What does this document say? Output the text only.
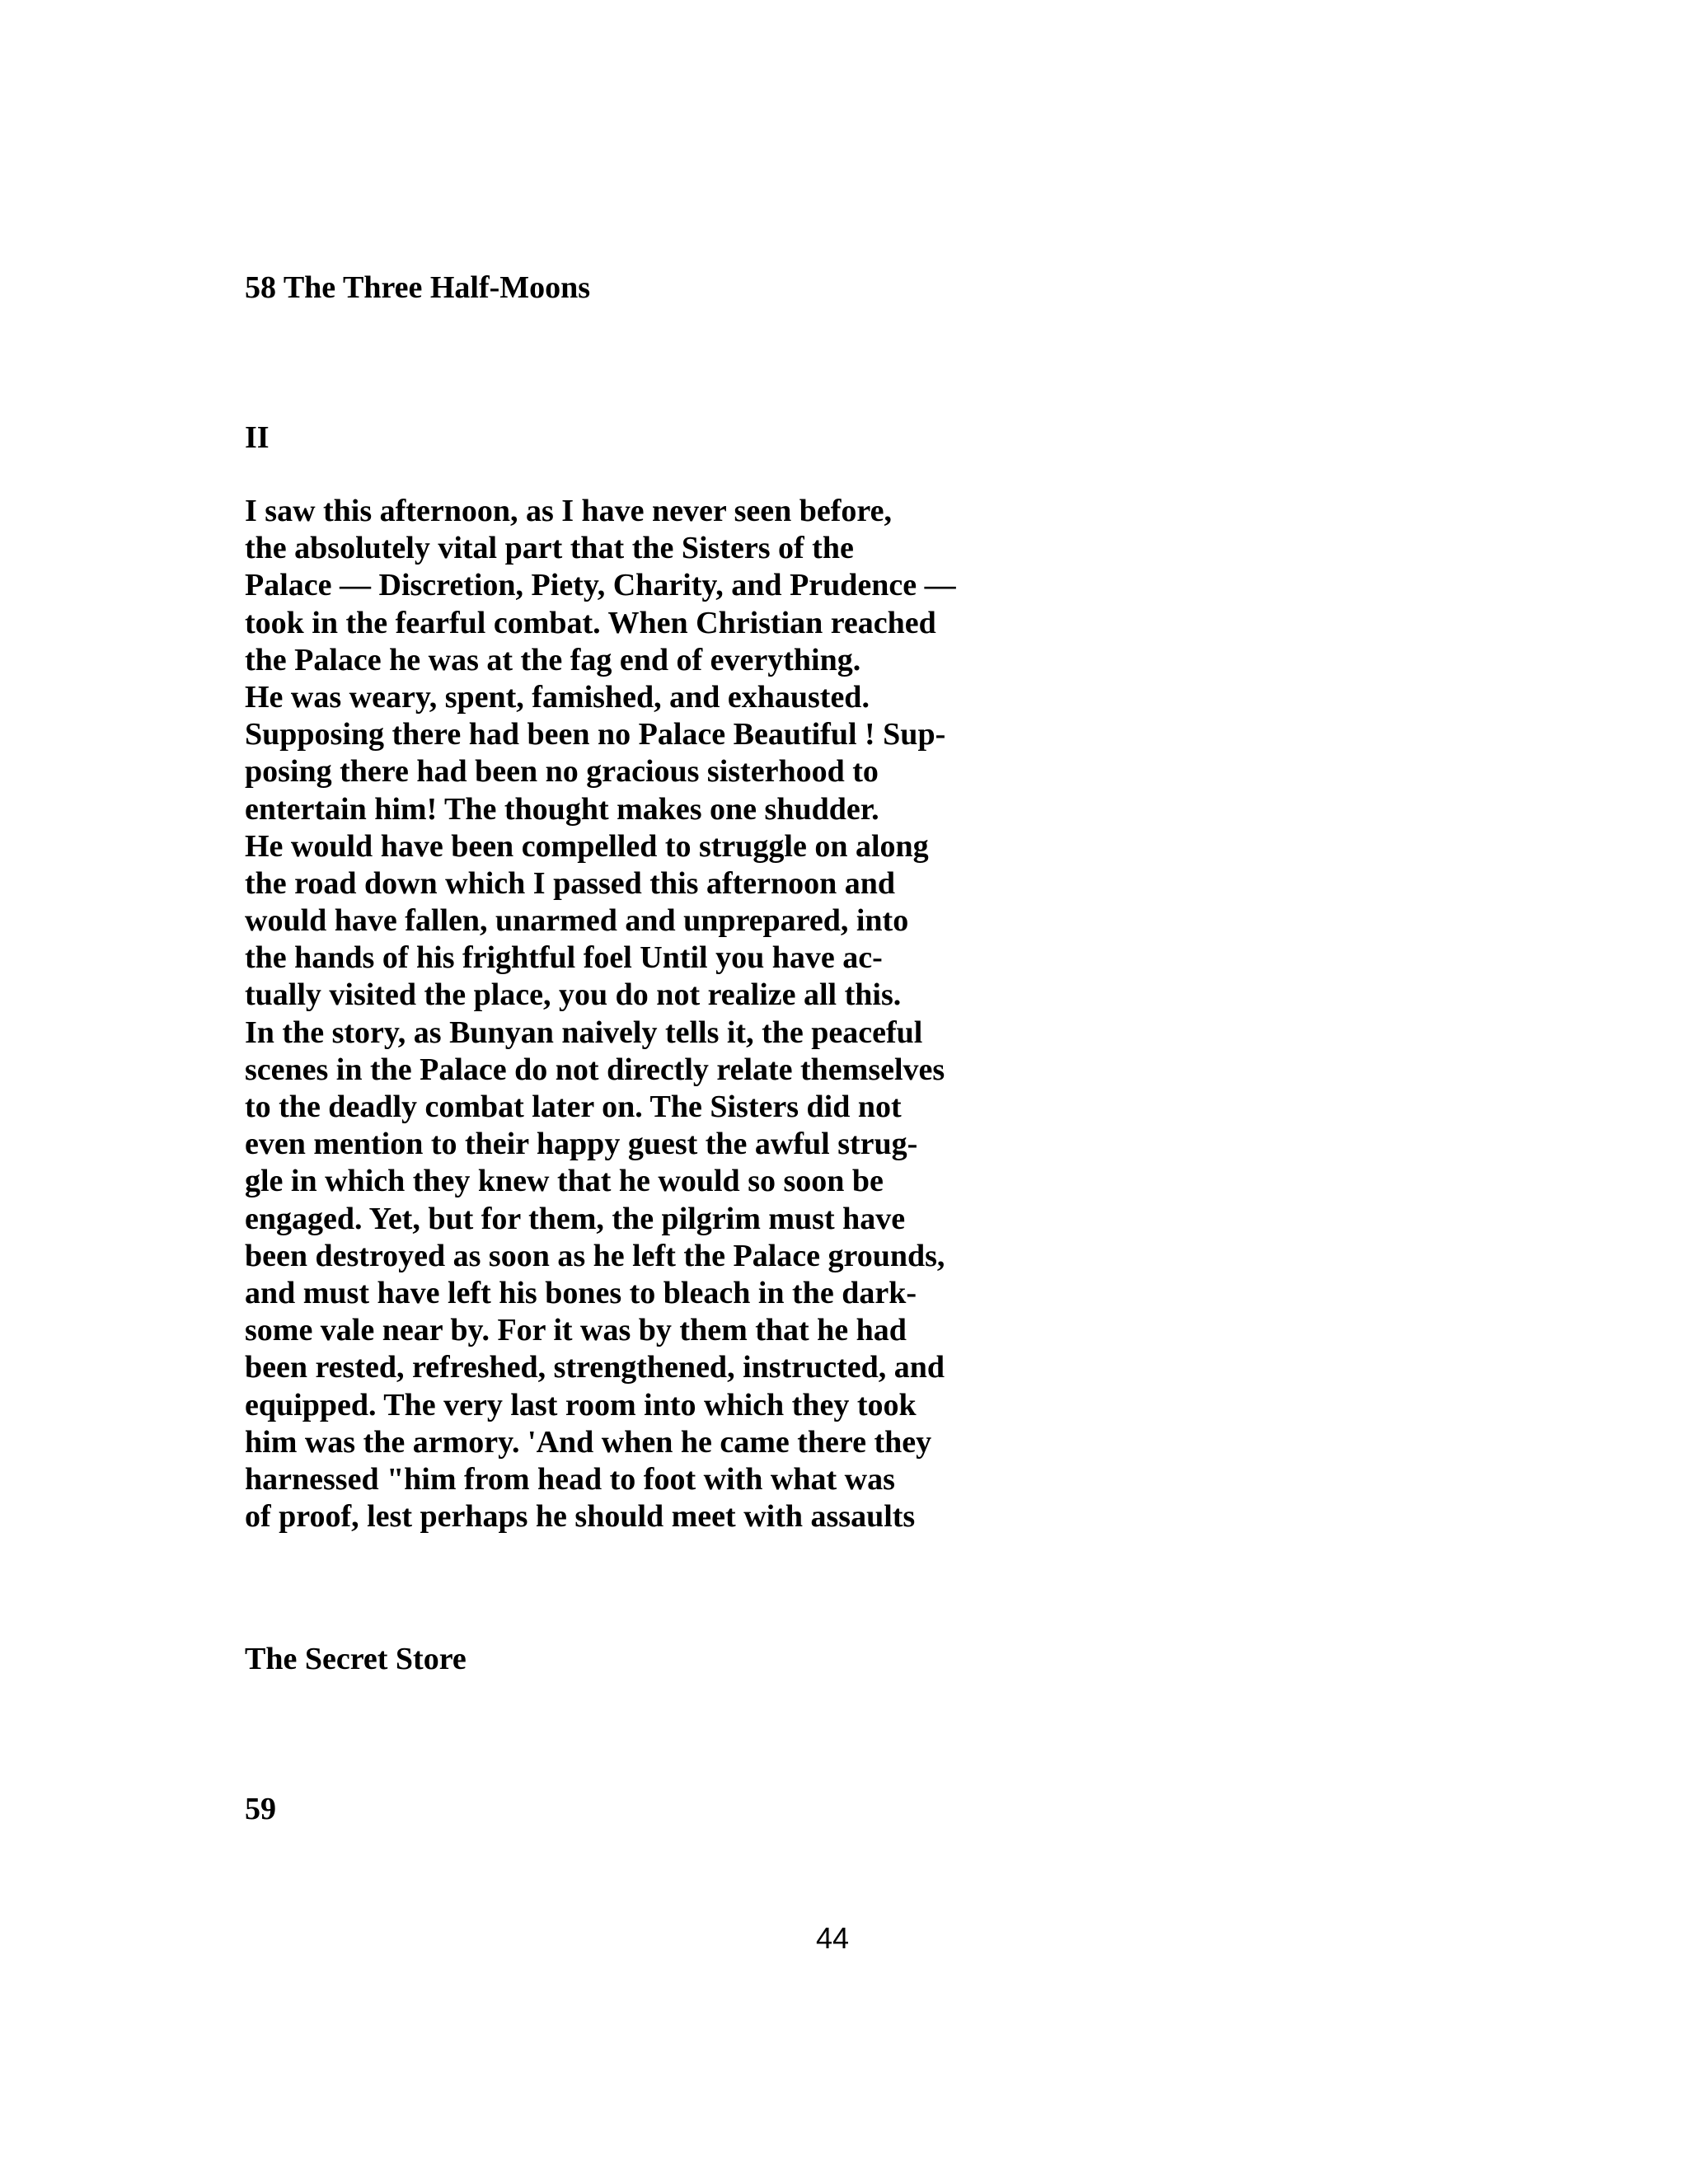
58 The Three Half-Moons
II
I saw this afternoon, as I have never seen before,
the absolutely vital part that the Sisters of the
Palace — Discretion, Piety, Charity, and Prudence —
took in the fearful combat. When Christian reached
the Palace he was at the fag end of everything.
He was weary, spent, famished, and exhausted.
Supposing there had been no Palace Beautiful ! Sup-
posing there had been no gracious sisterhood to
entertain him! The thought makes one shudder.
He would have been compelled to struggle on along
the road down which I passed this afternoon and
would have fallen, unarmed and unprepared, into
the hands of his frightful foel Until you have ac-
tually visited the place, you do not realize all this.
In the story, as Bunyan naively tells it, the peaceful
scenes in the Palace do not directly relate themselves
to the deadly combat later on. The Sisters did not
even mention to their happy guest the awful strug-
gle in which they knew that he would so soon be
engaged. Yet, but for them, the pilgrim must have
been destroyed as soon as he left the Palace grounds,
and must have left his bones to bleach in the dark-
some vale near by. For it was by them that he had
been rested, refreshed, strengthened, instructed, and
equipped. The very last room into which they took
him was the armory. 'And when he came there they
harnessed "him from head to foot with what was
of proof, lest perhaps he should meet with assaults
The Secret Store
59
44
